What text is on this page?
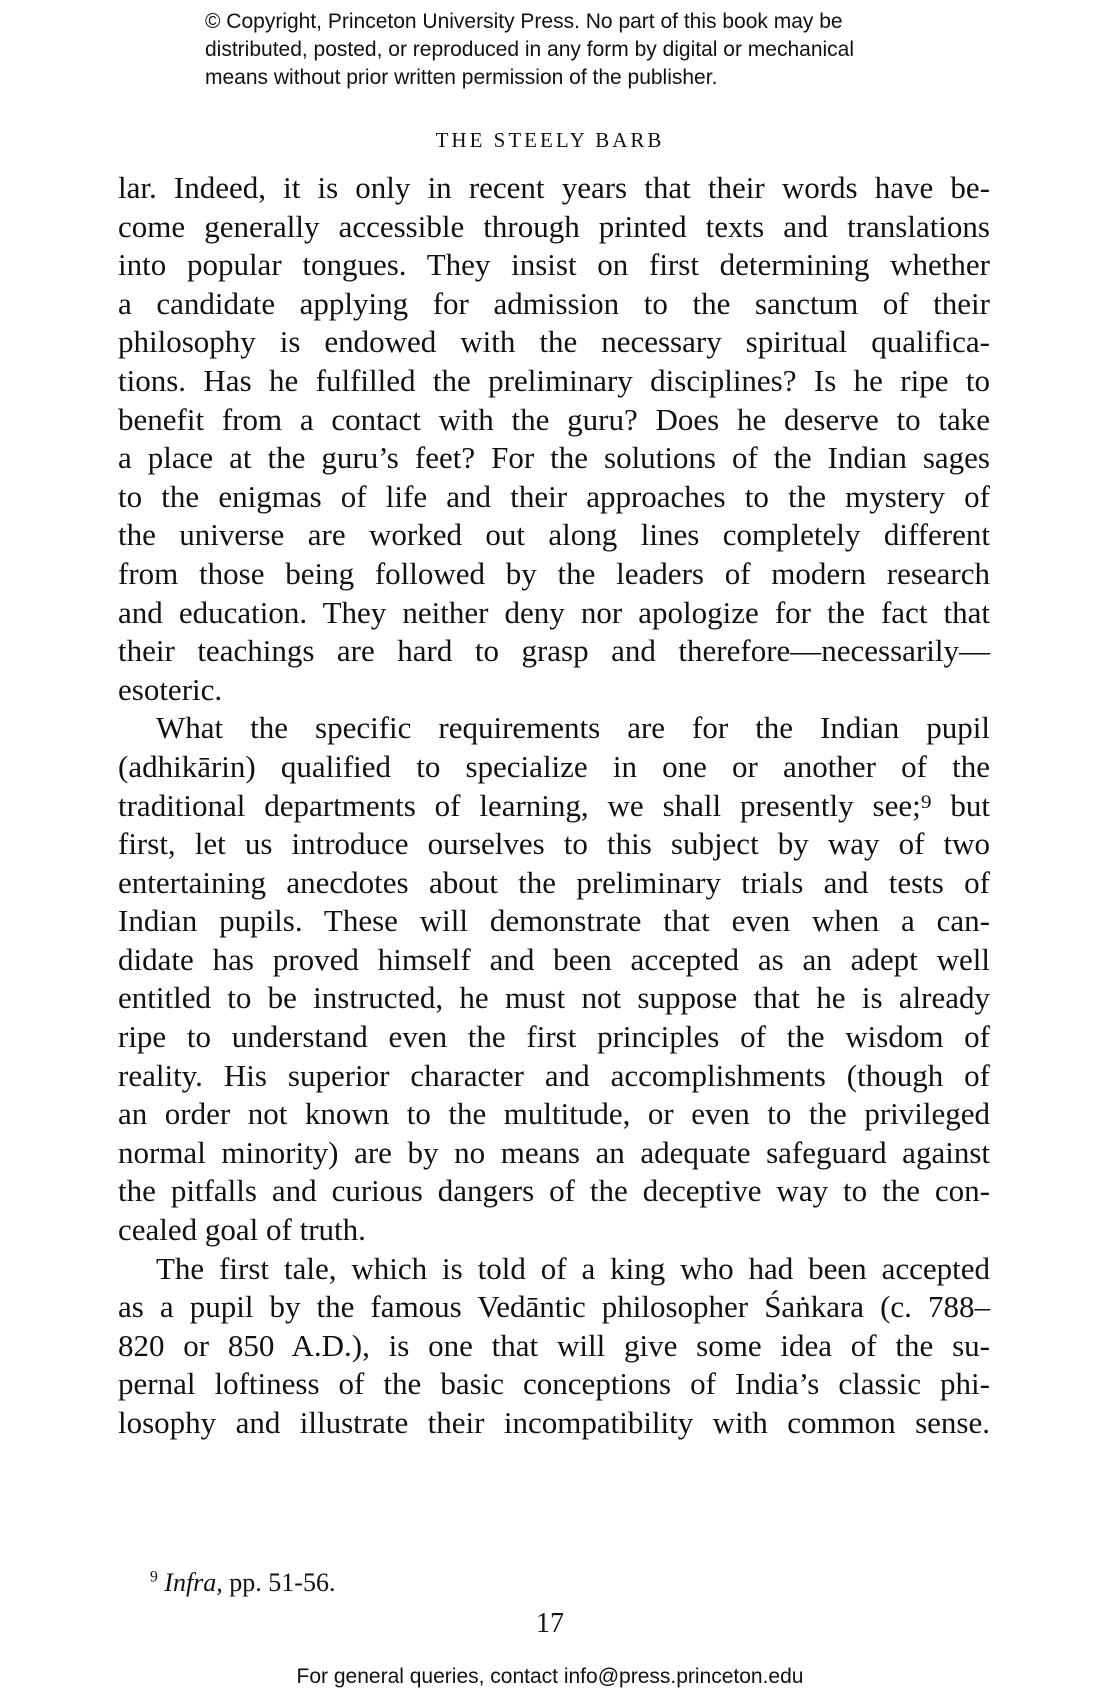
© Copyright, Princeton University Press. No part of this book may be
distributed, posted, or reproduced in any form by digital or mechanical
means without prior written permission of the publisher.
THE STEELY BARB
lar. Indeed, it is only in recent years that their words have be-
come generally accessible through printed texts and translations
into popular tongues. They insist on first determining whether
a candidate applying for admission to the sanctum of their
philosophy is endowed with the necessary spiritual qualifica-
tions. Has he fulfilled the preliminary disciplines? Is he ripe to
benefit from a contact with the guru? Does he deserve to take
a place at the guru’s feet? For the solutions of the Indian sages
to the enigmas of life and their approaches to the mystery of
the universe are worked out along lines completely different
from those being followed by the leaders of modern research
and education. They neither deny nor apologize for the fact that
their teachings are hard to grasp and therefore—necessarily—
esoteric.
What the specific requirements are for the Indian pupil
(adhikārin) qualified to specialize in one or another of the
traditional departments of learning, we shall presently see;⁹ but
first, let us introduce ourselves to this subject by way of two
entertaining anecdotes about the preliminary trials and tests of
Indian pupils. These will demonstrate that even when a can-
didate has proved himself and been accepted as an adept well
entitled to be instructed, he must not suppose that he is already
ripe to understand even the first principles of the wisdom of
reality. His superior character and accomplishments (though of
an order not known to the multitude, or even to the privileged
normal minority) are by no means an adequate safeguard against
the pitfalls and curious dangers of the deceptive way to the con-
cealed goal of truth.
The first tale, which is told of a king who had been accepted
as a pupil by the famous Vedāntic philosopher Śaṅkara (c. 788–
820 or 850 A.D.), is one that will give some idea of the su-
pernal loftiness of the basic conceptions of India’s classic phi-
losophy and illustrate their incompatibility with common sense.
$^9$ Infra, pp. 51-56.
17
For general queries, contact info@press.princeton.edu
